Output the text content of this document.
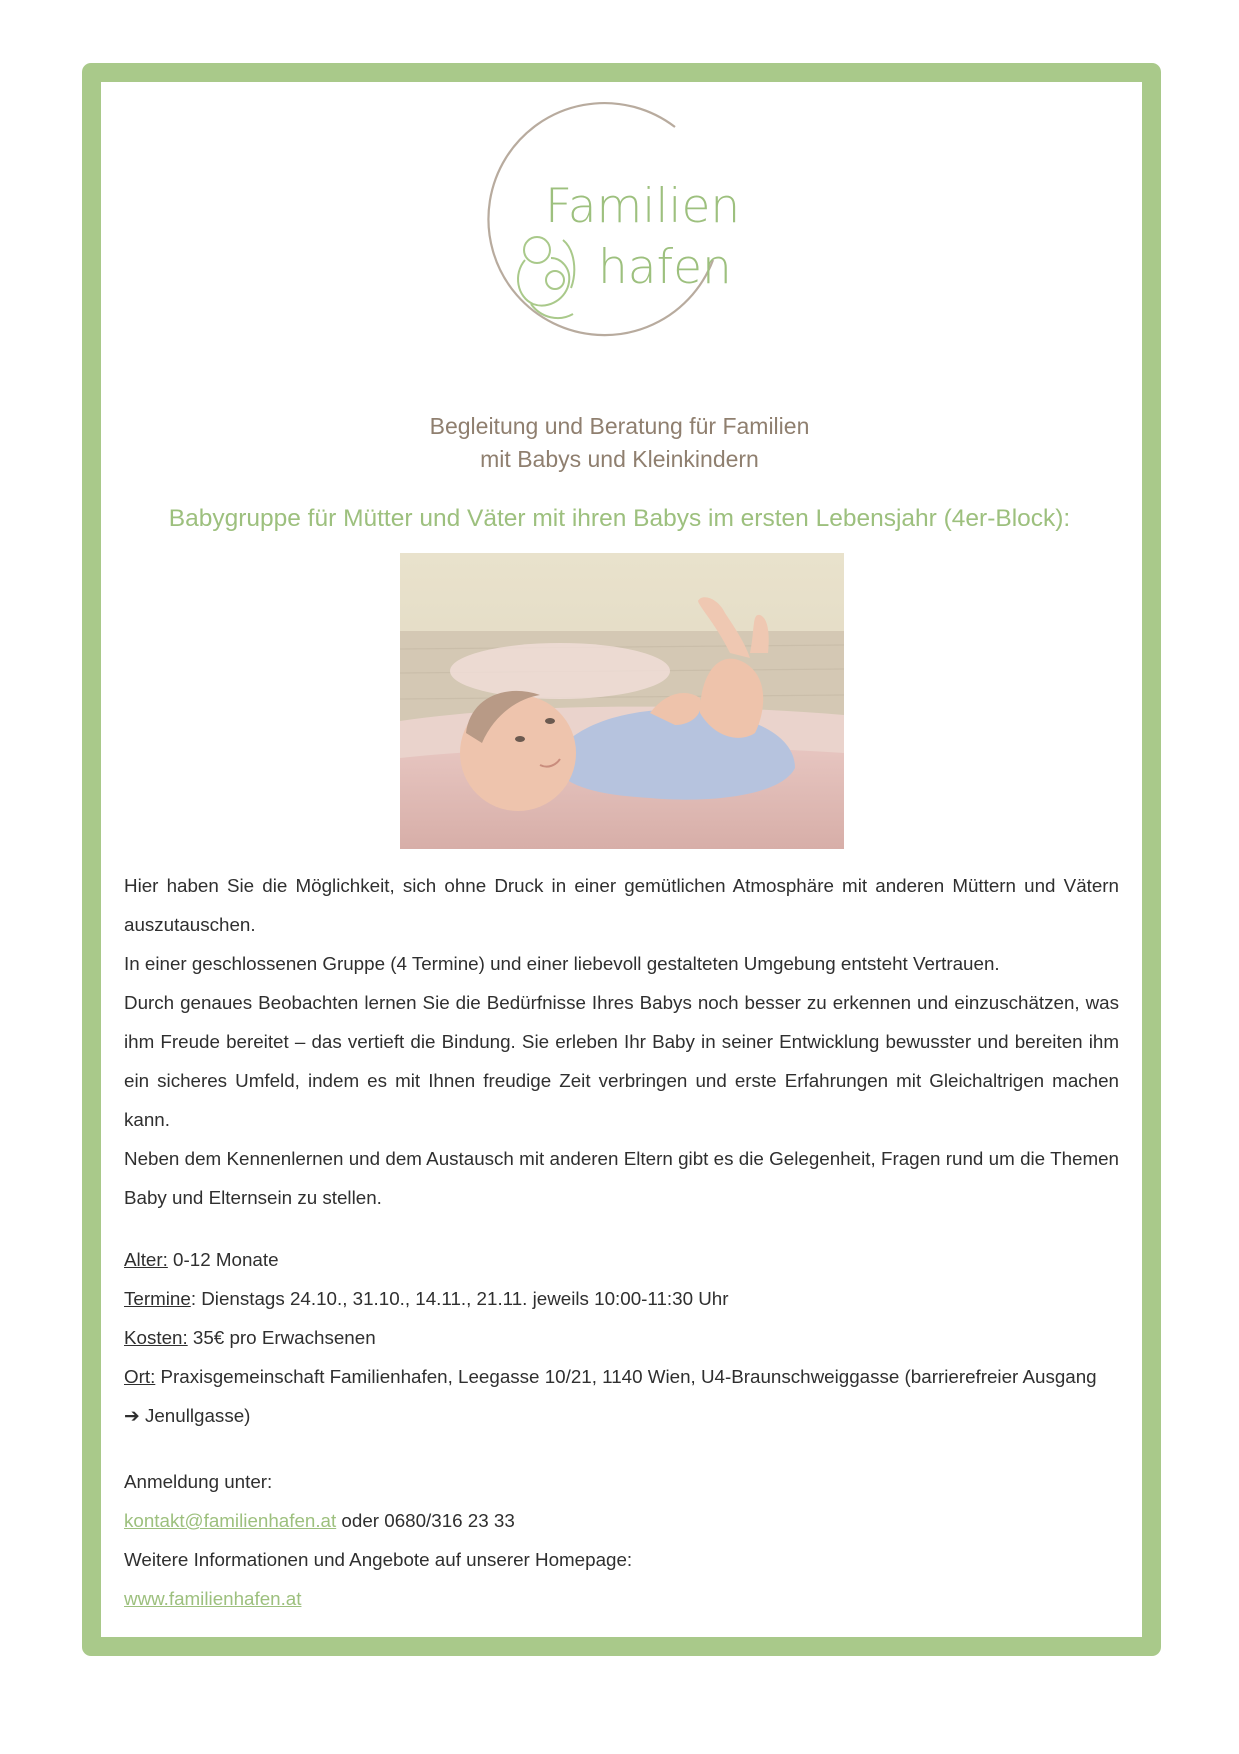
Familien
hafen
Begleitung und Beratung für Familien
mit Babys und Kleinkindern
Babygruppe für Mütter und Väter mit ihren Babys im ersten Lebensjahr (4er-Block):

Hier haben Sie die Möglichkeit, sich ohne Druck in einer gemütlichen Atmosphäre mit anderen Müttern und Vätern auszutauschen.

In einer geschlossenen Gruppe (4 Termine) und einer liebevoll gestalteten Umgebung entsteht Vertrauen.

Durch genaues Beobachten lernen Sie die Bedürfnisse Ihres Babys noch besser zu erkennen und einzuschätzen, was ihm Freude bereitet – das vertieft die Bindung. Sie erleben Ihr Baby in seiner Entwicklung bewusster und bereiten ihm ein sicheres Umfeld, indem es mit Ihnen freudige Zeit verbringen und erste Erfahrungen mit Gleichaltrigen machen kann.

Neben dem Kennenlernen und dem Austausch mit anderen Eltern gibt es die Gelegenheit, Fragen rund um die Themen Baby und Elternsein zu stellen.

Alter: 0-12 Monate

Termine: Dienstags 24.10., 31.10., 14.11., 21.11. jeweils 10:00-11:30 Uhr

Kosten: 35€ pro Erwachsenen

Ort: Praxisgemeinschaft Familienhafen, Leegasse 10/21, 1140 Wien, U4-Braunschweiggasse (barrierefreier Ausgang
➔ Jenullgasse)

Anmeldung unter:

kontakt@familienhafen.at oder 0680/316 23 33

Weitere Informationen und Angebote auf unserer Homepage:

www.familienhafen.at
